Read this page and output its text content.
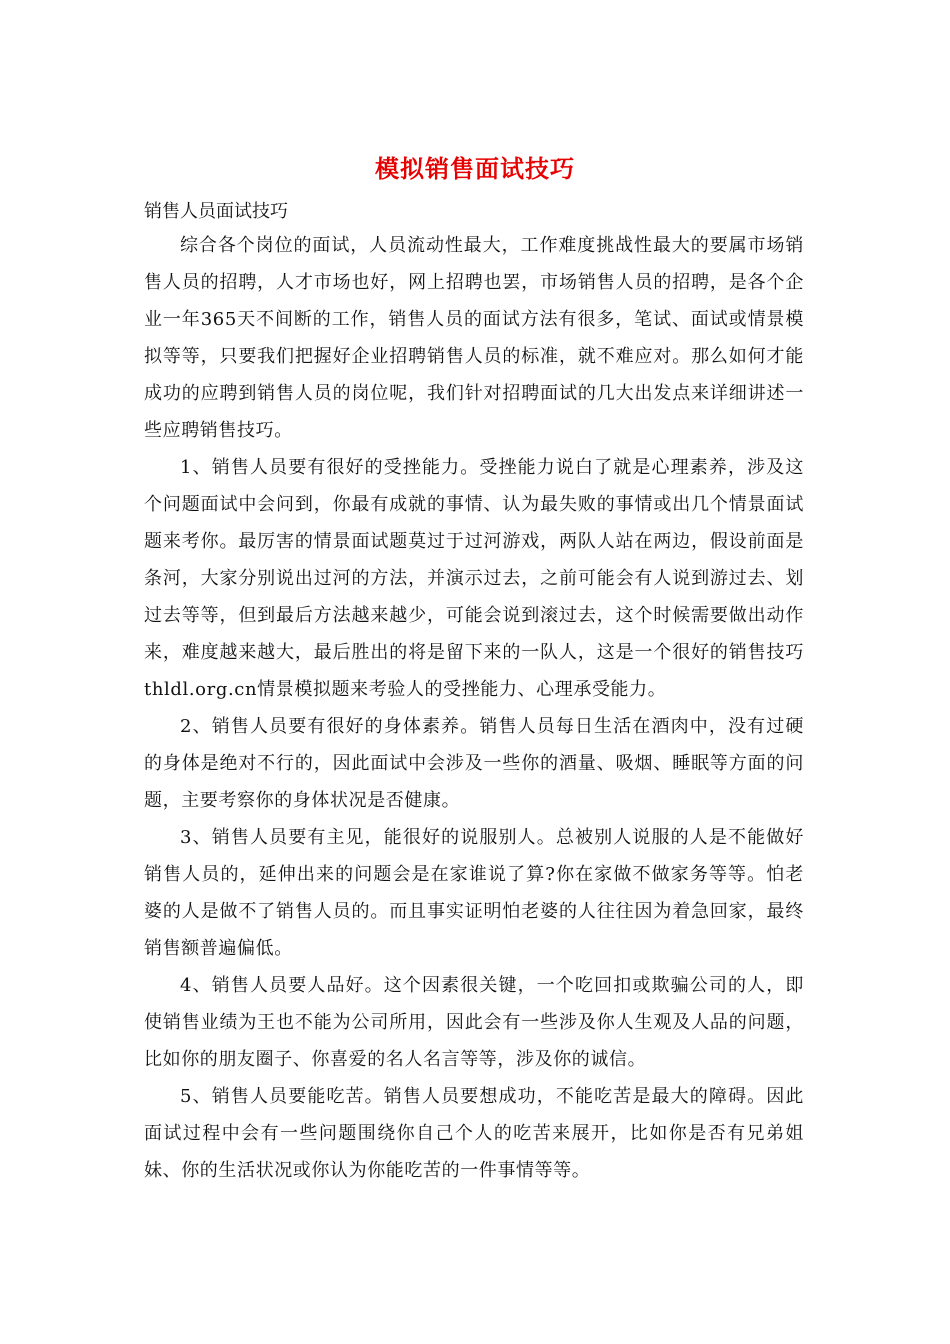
模拟销售面试技巧

销售人员面试技巧

综合各个岗位的面试，人员流动性最大，工作难度挑战性最大的要属市场销售人员的招聘，人才市场也好，网上招聘也罢，市场销售人员的招聘，是各个企业一年365天不间断的工作，销售人员的面试方法有很多，笔试、面试或情景模拟等等，只要我们把握好企业招聘销售人员的标准，就不难应对。那么如何才能成功的应聘到销售人员的岗位呢，我们针对招聘面试的几大出发点来详细讲述一些应聘销售技巧。

1、销售人员要有很好的受挫能力。受挫能力说白了就是心理素养，涉及这个问题面试中会问到，你最有成就的事情、认为最失败的事情或出几个情景面试题来考你。最厉害的情景面试题莫过于过河游戏，两队人站在两边，假设前面是条河，大家分别说出过河的方法，并演示过去，之前可能会有人说到游过去、划过去等等，但到最后方法越来越少，可能会说到滚过去，这个时候需要做出动作来，难度越来越大，最后胜出的将是留下来的一队人，这是一个很好的销售技巧thldl.org.cn情景模拟题来考验人的受挫能力、心理承受能力。

2、销售人员要有很好的身体素养。销售人员每日生活在酒肉中，没有过硬的身体是绝对不行的，因此面试中会涉及一些你的酒量、吸烟、睡眠等方面的问题，主要考察你的身体状况是否健康。

3、销售人员要有主见，能很好的说服别人。总被别人说服的人是不能做好销售人员的，延伸出来的问题会是在家谁说了算?你在家做不做家务等等。怕老婆的人是做不了销售人员的。而且事实证明怕老婆的人往往因为着急回家，最终销售额普遍偏低。

4、销售人员要人品好。这个因素很关键，一个吃回扣或欺骗公司的人，即使销售业绩为王也不能为公司所用，因此会有一些涉及你人生观及人品的问题，比如你的朋友圈子、你喜爱的名人名言等等，涉及你的诚信。

5、销售人员要能吃苦。销售人员要想成功，不能吃苦是最大的障碍。因此面试过程中会有一些问题围绕你自己个人的吃苦来展开，比如你是否有兄弟姐妹、你的生活状况或你认为你能吃苦的一件事情等等。
